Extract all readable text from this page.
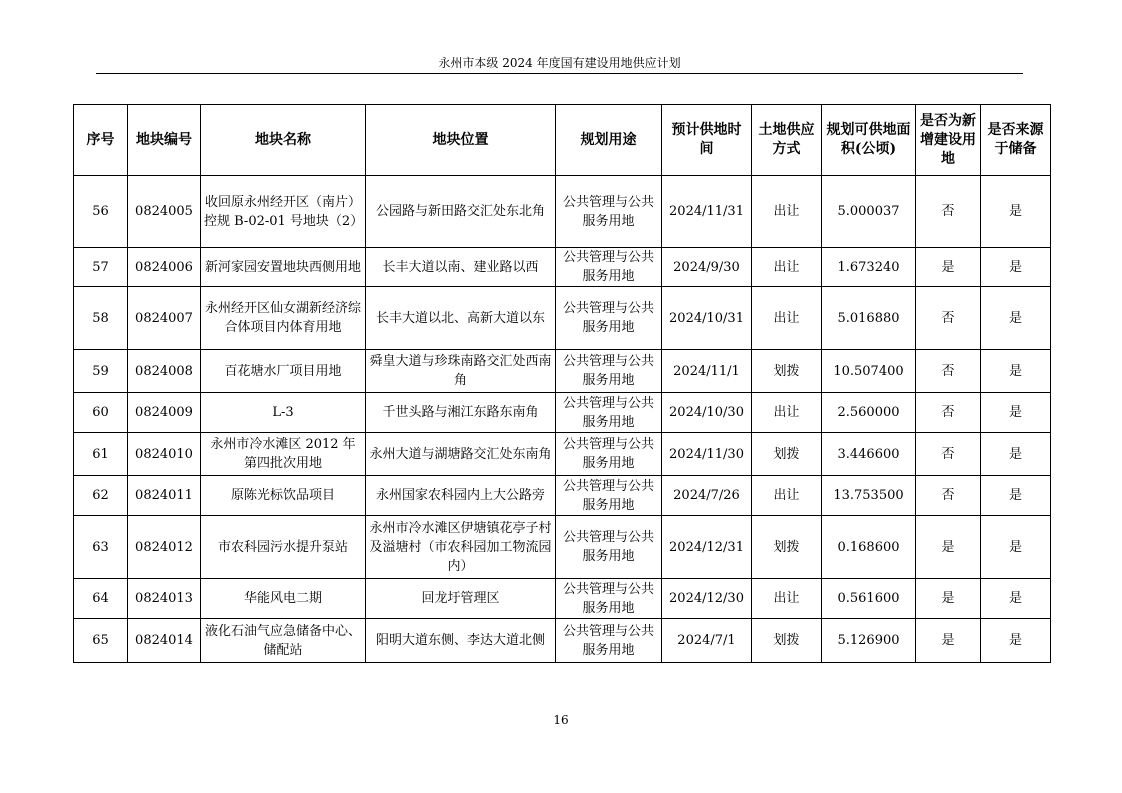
永州市本级 2024 年度国有建设用地供应计划
序号	地块编号	地块名称	地块位置	规划用途	预计供地时间	土地供应方式	规划可供地面积(公顷)	是否为新增建设用地	是否来源于储备
56	0824005	收回原永州经开区（南片）控规 B-02-01 号地块（2）	公园路与新田路交汇处东北角	公共管理与公共服务用地	2024/11/31	出让	5.000037	否	是
57	0824006	新河家园安置地块西侧用地	长丰大道以南、建业路以西	公共管理与公共服务用地	2024/9/30	出让	1.673240	是	是
58	0824007	永州经开区仙女湖新经济综合体项目内体育用地	长丰大道以北、高新大道以东	公共管理与公共服务用地	2024/10/31	出让	5.016880	否	是
59	0824008	百花塘水厂项目用地	舜皇大道与珍珠南路交汇处西南角	公共管理与公共服务用地	2024/11/1	划拨	10.507400	否	是
60	0824009	L-3	千世头路与湘江东路东南角	公共管理与公共服务用地	2024/10/30	出让	2.560000	否	是
61	0824010	永州市冷水滩区 2012 年第四批次用地	永州大道与湖塘路交汇处东南角	公共管理与公共服务用地	2024/11/30	划拨	3.446600	否	是
62	0824011	原陈光标饮品项目	永州国家农科园内上大公路旁	公共管理与公共服务用地	2024/7/26	出让	13.753500	否	是
63	0824012	市农科园污水提升泵站	永州市冷水滩区伊塘镇花亭子村及溢塘村（市农科园加工物流园内）	公共管理与公共服务用地	2024/12/31	划拨	0.168600	是	是
64	0824013	华能风电二期	回龙圩管理区	公共管理与公共服务用地	2024/12/30	出让	0.561600	是	是
65	0824014	液化石油气应急储备中心、储配站	阳明大道东侧、李达大道北侧	公共管理与公共服务用地	2024/7/1	划拨	5.126900	是	是
16
